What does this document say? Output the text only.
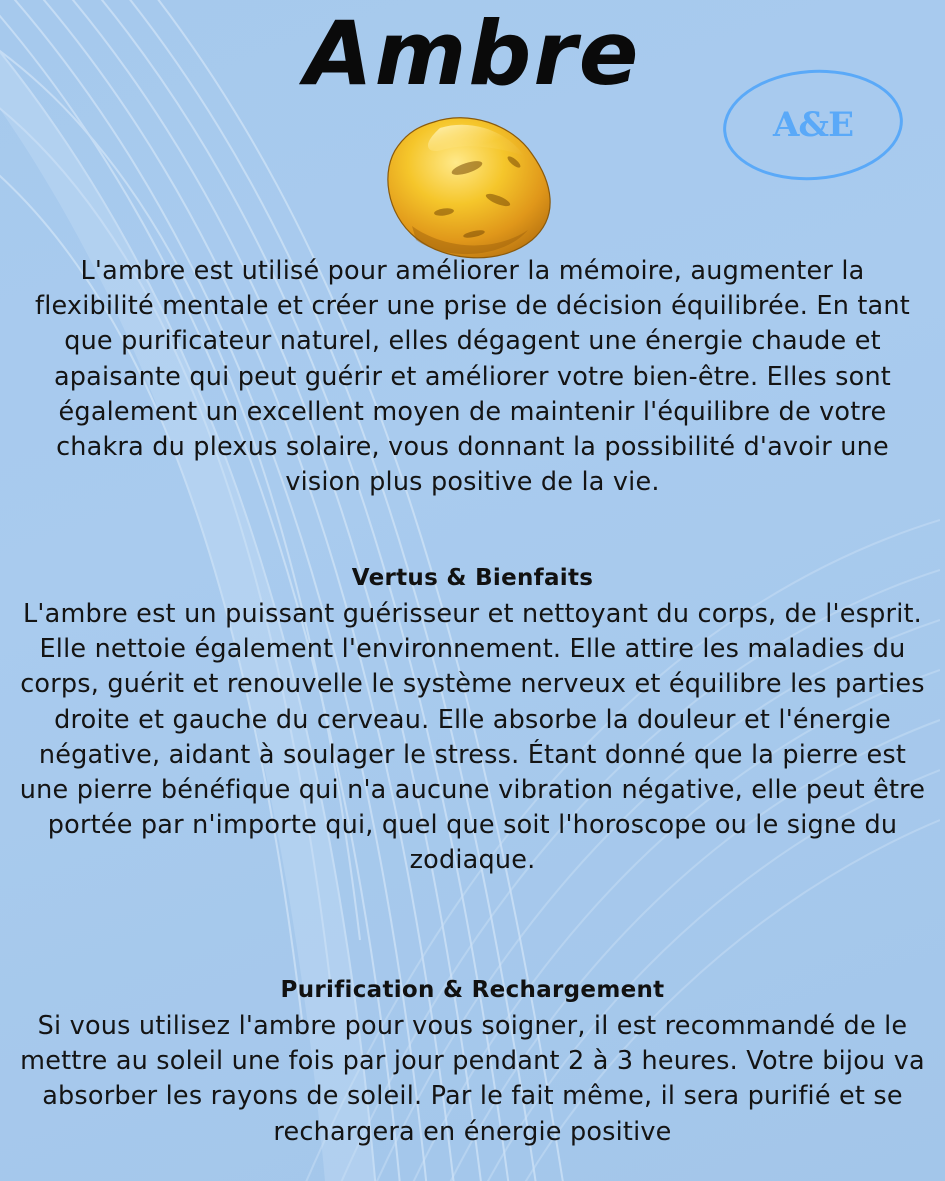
Ambre
A&E
L'ambre est utilisé pour améliorer la mémoire, augmenter la flexibilité mentale et créer une prise de décision équilibrée. En tant que purificateur naturel, elles dégagent une énergie chaude et apaisante qui peut guérir et améliorer votre bien-être. Elles sont également un excellent moyen de maintenir l'équilibre de votre chakra du plexus solaire, vous donnant la possibilité d'avoir une vision plus positive de la vie.
Vertus & Bienfaits
L'ambre est un puissant guérisseur et nettoyant du corps, de l'esprit. Elle nettoie également l'environnement. Elle attire les maladies du corps, guérit et renouvelle le système nerveux et équilibre les parties droite et gauche du cerveau. Elle absorbe la douleur et l'énergie négative, aidant à soulager le stress. Étant donné que la pierre est une pierre bénéfique qui n'a aucune vibration négative, elle peut être portée par n'importe qui, quel que soit l'horoscope ou le signe du zodiaque.
Purification & Rechargement
Si vous utilisez l'ambre pour vous soigner, il est recommandé de le mettre au soleil une fois par jour pendant 2 à 3 heures. Votre bijou va absorber les rayons de soleil. Par le fait même, il sera purifié et se rechargera en énergie positive
